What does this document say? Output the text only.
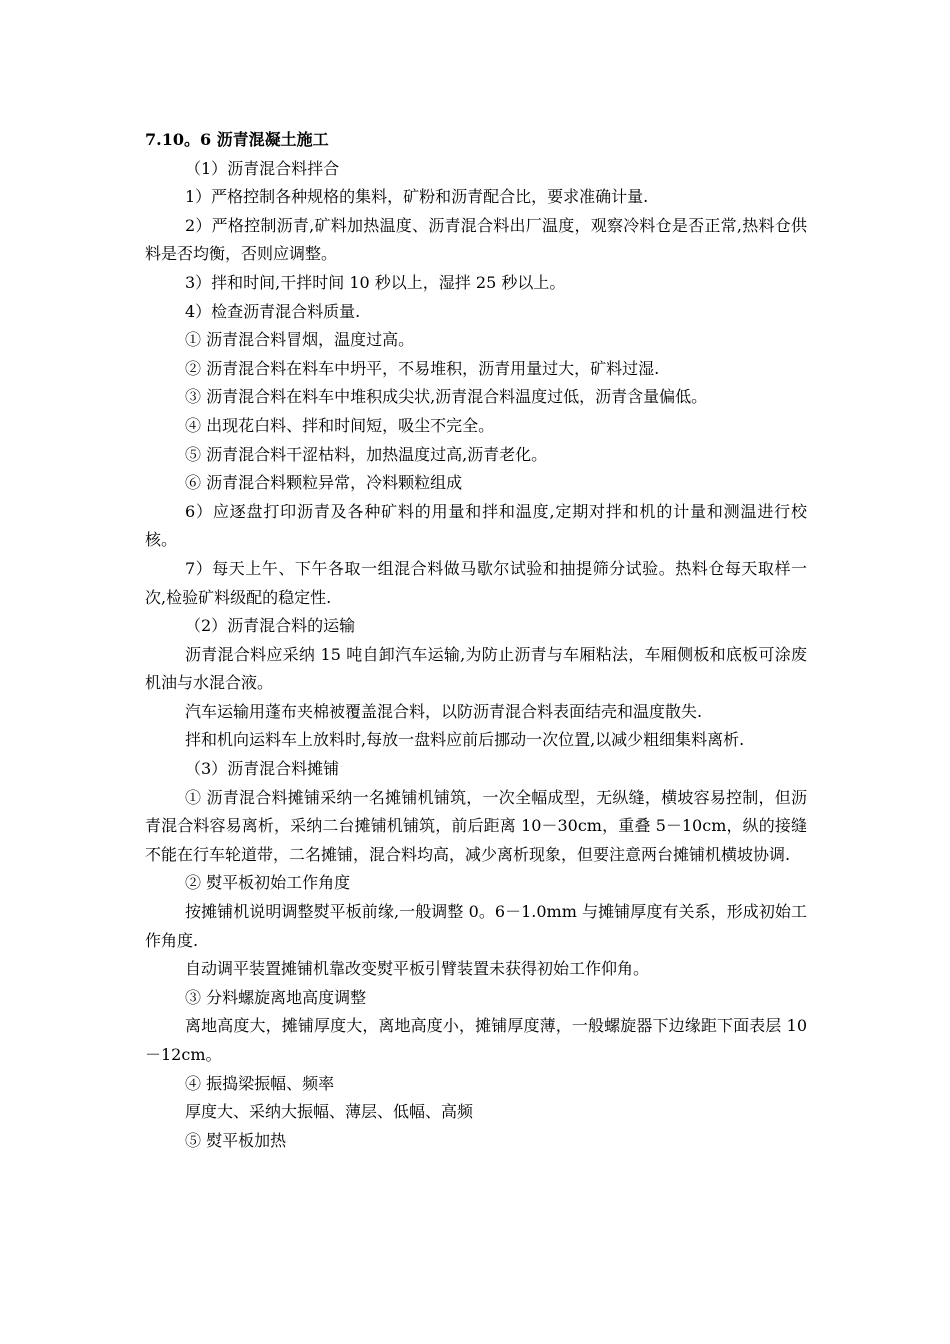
7.10。6 沥青混凝土施工

（1）沥青混合料拌合

1）严格控制各种规格的集料，矿粉和沥青配合比，要求准确计量.

2）严格控制沥青,矿料加热温度、沥青混合料出厂温度，观察冷料仓是否正常,热料仓供料是否均衡，否则应调整。

3）拌和时间,干拌时间 10 秒以上，湿拌 25 秒以上。

4）检查沥青混合料质量.

① 沥青混合料冒烟，温度过高。

② 沥青混合料在料车中坍平，不易堆积，沥青用量过大，矿料过湿.

③ 沥青混合料在料车中堆积成尖状,沥青混合料温度过低，沥青含量偏低。

④ 出现花白料、拌和时间短，吸尘不完全。

⑤ 沥青混合料干涩枯料，加热温度过高,沥青老化。

⑥ 沥青混合料颗粒异常，冷料颗粒组成

6）应逐盘打印沥青及各种矿料的用量和拌和温度,定期对拌和机的计量和测温进行校核。

7）每天上午、下午各取一组混合料做马歇尔试验和抽提筛分试验。热料仓每天取样一次,检验矿料级配的稳定性.

（2）沥青混合料的运输

沥青混合料应采纳 15 吨自卸汽车运输,为防止沥青与车厢粘法，车厢侧板和底板可涂废机油与水混合液。

汽车运输用蓬布夹棉被覆盖混合料，以防沥青混合料表面结壳和温度散失.

拌和机向运料车上放料时,每放一盘料应前后挪动一次位置,以减少粗细集料离析.

（3）沥青混合料摊铺

① 沥青混合料摊铺采纳一名摊铺机铺筑，一次全幅成型，无纵缝，横坡容易控制，但沥青混合料容易离析，采纳二台摊铺机铺筑，前后距离 10－30cm，重叠 5－10cm，纵的接缝不能在行车轮道带，二名摊铺，混合料均高，减少离析现象，但要注意两台摊铺机横坡协调.

② 熨平板初始工作角度

按摊铺机说明调整熨平板前缘,一般调整 0。6－1.0mm 与摊铺厚度有关系，形成初始工作角度.

自动调平装置摊铺机靠改变熨平板引臂装置未获得初始工作仰角。

③ 分料螺旋离地高度调整

离地高度大，摊铺厚度大，离地高度小，摊铺厚度薄，一般螺旋器下边缘距下面表层 10－12cm。

④ 振捣梁振幅、频率

厚度大、采纳大振幅、薄层、低幅、高频

⑤ 熨平板加热
